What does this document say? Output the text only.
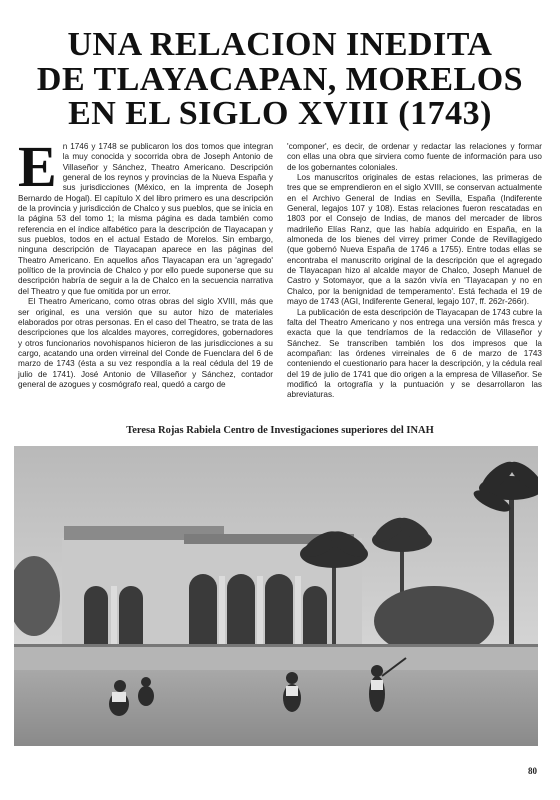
UNA RELACION INEDITA
DE TLAYACAPAN, MORELOS
EN EL SIGLO XVIII (1743)
E n 1746 y 1748 se publicaron los dos tomos que integran la muy conocida y socorrida obra de Joseph Antonio de Villaseñor y Sánchez, Theatro Americano. Descripción general de los reynos y provincias de la Nueva España y sus jurisdicciones (México, en la imprenta de Joseph Bernardo de Hogal). El capítulo X del libro primero es una descripción de la provincia y jurisdicción de Chalco y sus pueblos, que se inicia en la página 53 del tomo 1; la misma página es dada también como referencia en el índice alfabético para la descripción de Tlayacapan y sus pueblos, todos en el actual Estado de Morelos. Sin embargo, ninguna descripción de Tlayacapan aparece en las páginas del Theatro Americano. En aquellos años Tlayacapan era un 'agregado' político de la provincia de Chalco y por ello puede suponerse que su descripción habría de seguir a la de Chalco en la secuencia narrativa del Theatro y que fue omitida por un error.

El Theatro Americano, como otras obras del siglo XVIII, más que ser original, es una versión que su autor hizo de materiales elaborados por otras personas. En el caso del Theatro, se trata de las descripciones que los alcaldes mayores, corregidores, gobernadores y otros funcionarios novohispanos hicieron de las jurisdicciones a su cargo, acatando una orden virreinal del Conde de Fuenclara del 6 de marzo de 1743 (ésta a su vez respondía a la real cédula del 19 de julio de 1741). José Antonio de Villaseñor y Sánchez, contador general de azogues y cosmógrafo real, quedó a cargo de

'componer', es decir, de ordenar y redactar las relaciones y formar con ellas una obra que sirviera como fuente de información para uso de los gobernantes coloniales.

Los manuscritos originales de estas relaciones, las primeras de tres que se emprendieron en el siglo XVIII, se conservan actualmente en el Archivo General de Indias en Sevilla, España (Indiferente General, legajos 107 y 108). Estas relaciones fueron rescatadas en 1803 por el Consejo de Indias, de manos del mercader de libros madrileño Elías Ranz, que las había adquirido en España, en la almoneda de los bienes del virrey primer Conde de Revillagigedo (que gobernó Nueva España de 1746 a 1755). Entre todas ellas se encontraba el manuscrito original de la descripción que el agregado de Tlayacapan hizo al alcalde mayor de Chalco, Joseph Manuel de Castro y Sotomayor, que a la sazón vivía en 'Tlayacapan y no en Chalco, por la benignidad de temperamento'. Está fechada el 19 de mayo de 1743 (AGI, Indiferente General, legajo 107, ff. 262r-266r).

La publicación de esta descripción de Tlayacapan de 1743 cubre la falta del Theatro Americano y nos entrega una versión más fresca y exacta que la que tendríamos de la redacción de Villaseñor y Sánchez. Se transcriben también los dos impresos que la acompañan: las órdenes virreinales de 6 de marzo de 1743 conteniendo el cuestionario para hacer la descripción, y la cédula real del 19 de julio de 1741 que dio origen a la empresa de Villaseñor. Se modificó la ortografía y la puntuación y se desarrollaron las abreviaturas.

Teresa Rojas Rabiela Centro de Investigaciones superiores del INAH
80
